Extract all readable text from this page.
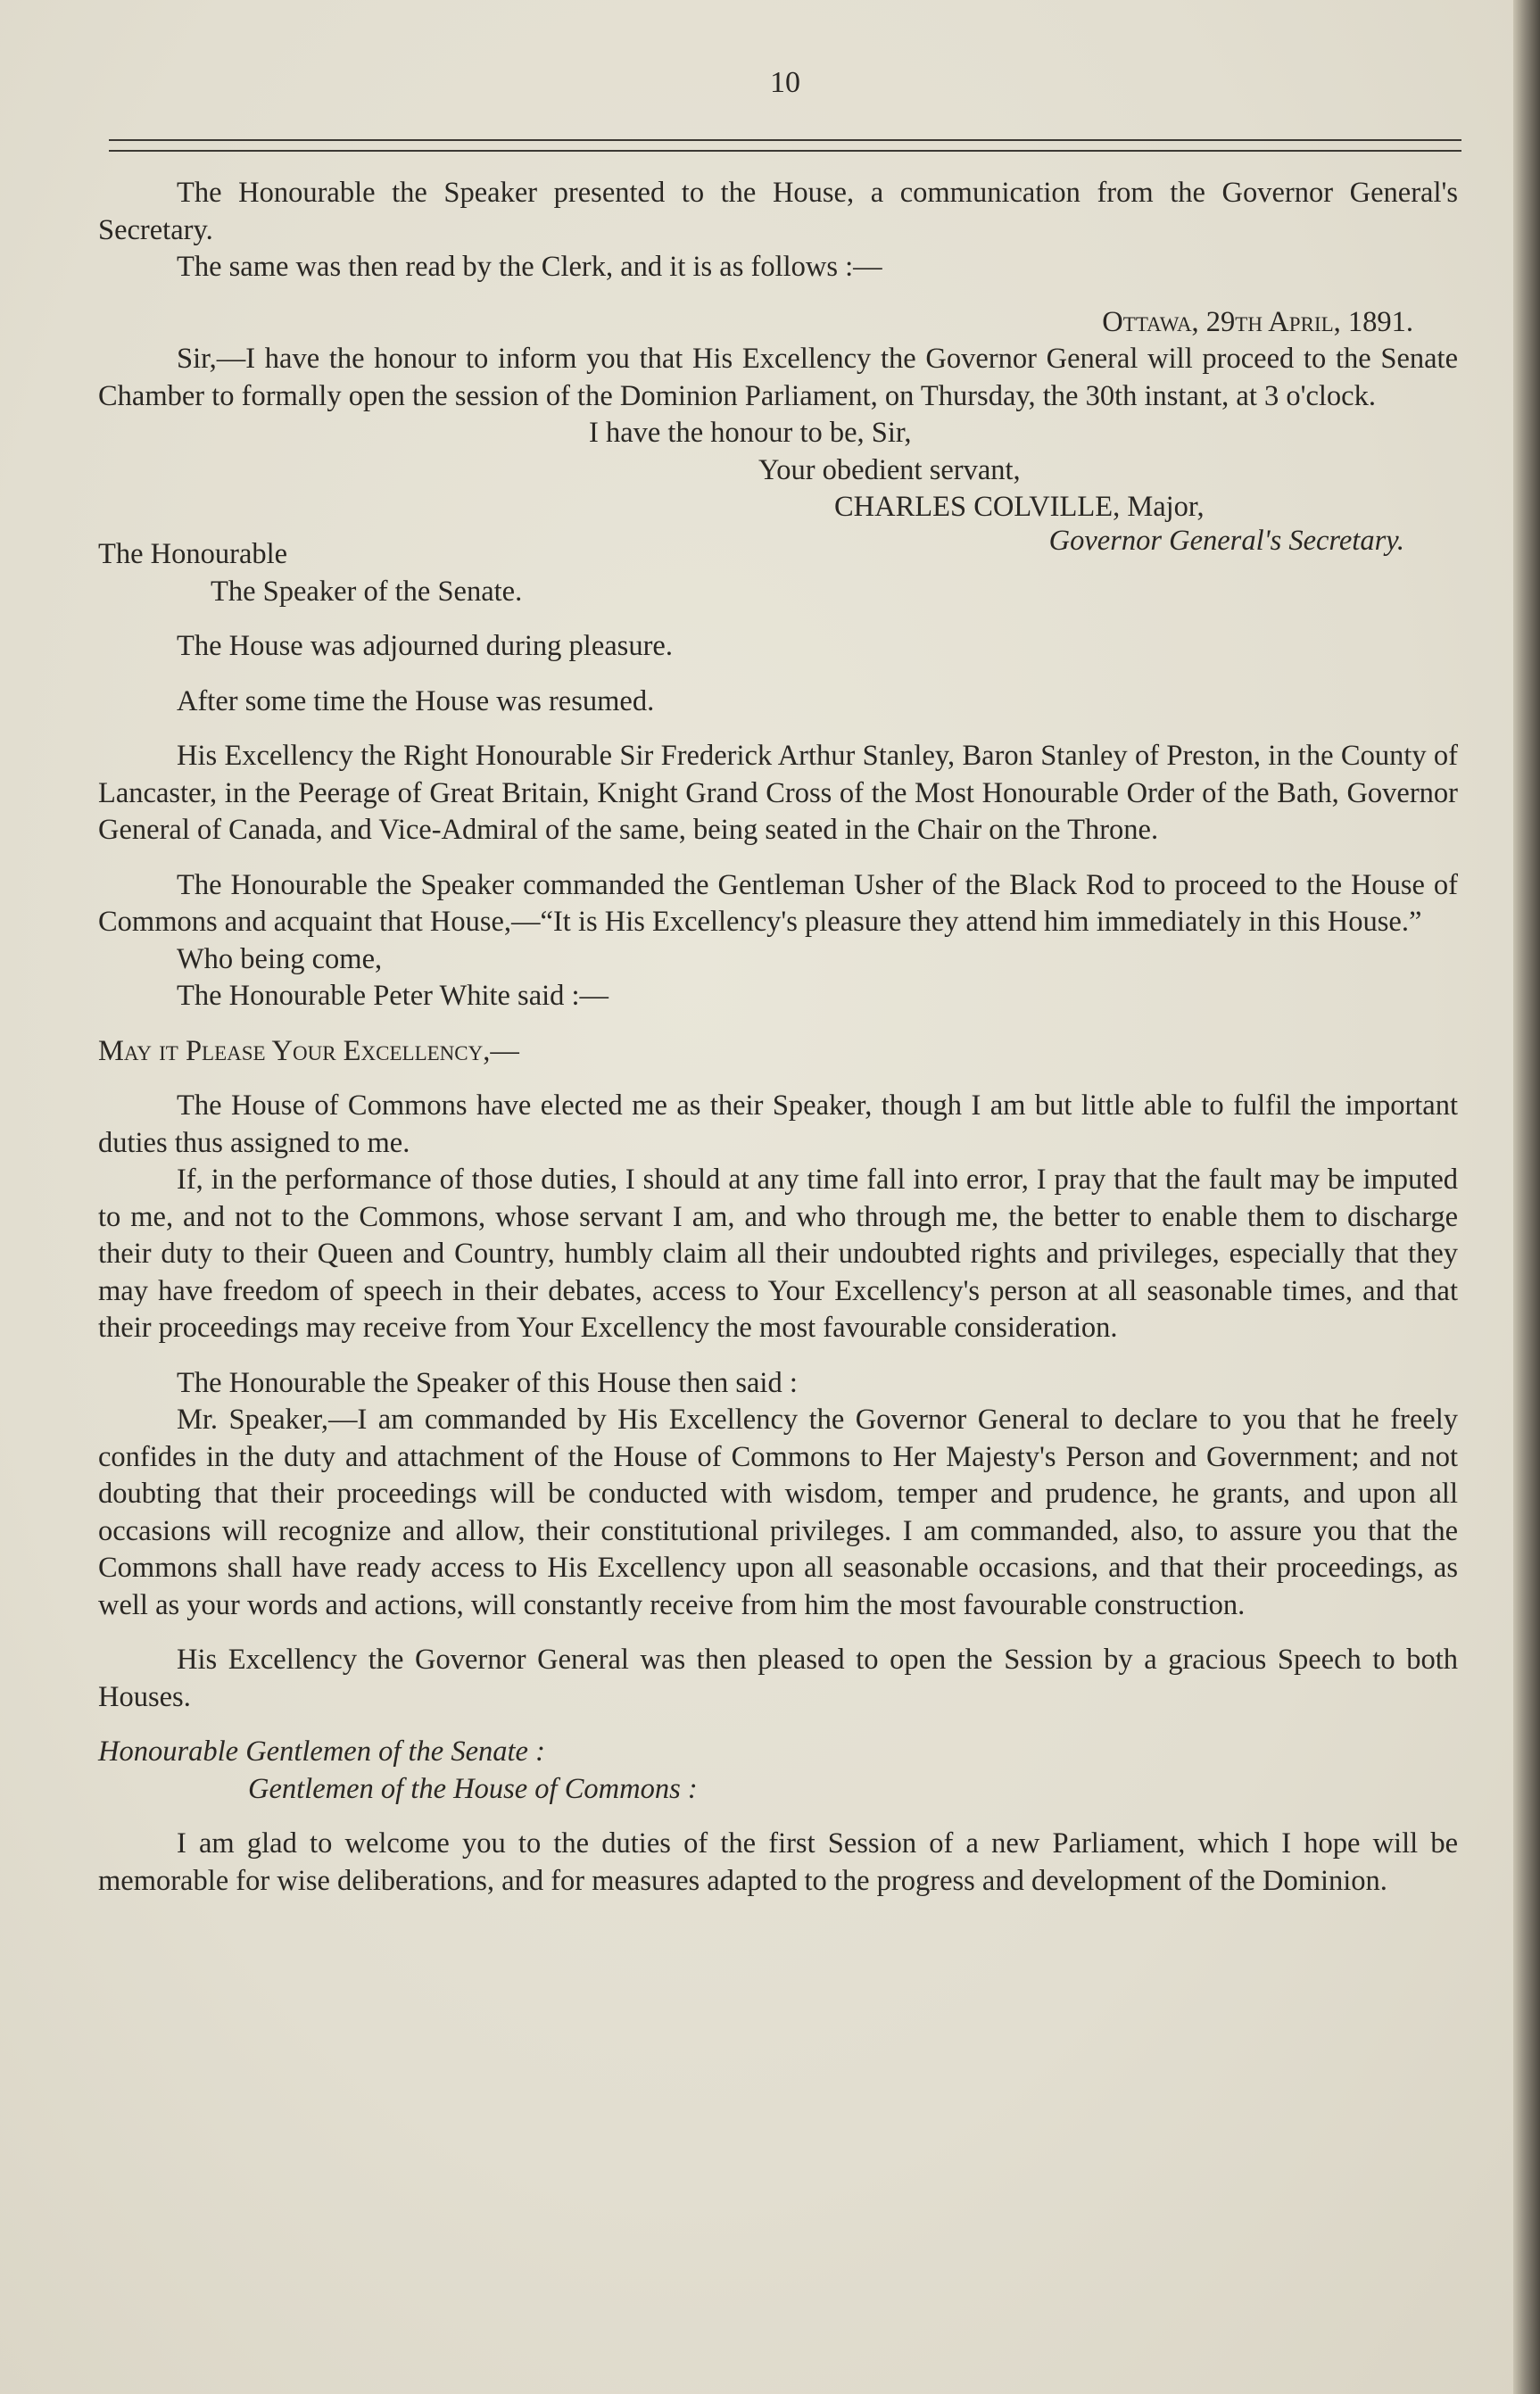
10

The Honourable the Speaker presented to the House, a communication from the Governor General's Secretary.

The same was then read by the Clerk, and it is as follows :—

Ottawa, 29th April, 1891.

Sir,—I have the honour to inform you that His Excellency the Governor General will proceed to the Senate Chamber to formally open the session of the Dominion Parliament, on Thursday, the 30th instant, at 3 o'clock.

I have the honour to be, Sir,

Your obedient servant,

CHARLES COLVILLE, Major,

Governor General's Secretary.

The Honourable

The Speaker of the Senate.

The House was adjourned during pleasure.

After some time the House was resumed.

His Excellency the Right Honourable Sir Frederick Arthur Stanley, Baron Stanley of Preston, in the County of Lancaster, in the Peerage of Great Britain, Knight Grand Cross of the Most Honourable Order of the Bath, Governor General of Canada, and Vice-Admiral of the same, being seated in the Chair on the Throne.

The Honourable the Speaker commanded the Gentleman Usher of the Black Rod to proceed to the House of Commons and acquaint that House,—“It is His Excellency's pleasure they attend him immediately in this House.”

Who being come,

The Honourable Peter White said :—

May it Please Your Excellency,—

The House of Commons have elected me as their Speaker, though I am but little able to fulfil the important duties thus assigned to me.

If, in the performance of those duties, I should at any time fall into error, I pray that the fault may be imputed to me, and not to the Commons, whose servant I am, and who through me, the better to enable them to discharge their duty to their Queen and Country, humbly claim all their undoubted rights and privileges, especially that they may have freedom of speech in their debates, access to Your Excellency's person at all seasonable times, and that their proceedings may receive from Your Excellency the most favourable consideration.

The Honourable the Speaker of this House then said :

Mr. Speaker,—I am commanded by His Excellency the Governor General to declare to you that he freely confides in the duty and attachment of the House of Commons to Her Majesty's Person and Government; and not doubting that their proceedings will be conducted with wisdom, temper and prudence, he grants, and upon all occasions will recognize and allow, their constitutional privileges. I am commanded, also, to assure you that the Commons shall have ready access to His Excellency upon all seasonable occasions, and that their proceedings, as well as your words and actions, will constantly receive from him the most favourable construction.

His Excellency the Governor General was then pleased to open the Session by a gracious Speech to both Houses.

Honourable Gentlemen of the Senate :

Gentlemen of the House of Commons :

I am glad to welcome you to the duties of the first Session of a new Parliament, which I hope will be memorable for wise deliberations, and for measures adapted to the progress and development of the Dominion.
